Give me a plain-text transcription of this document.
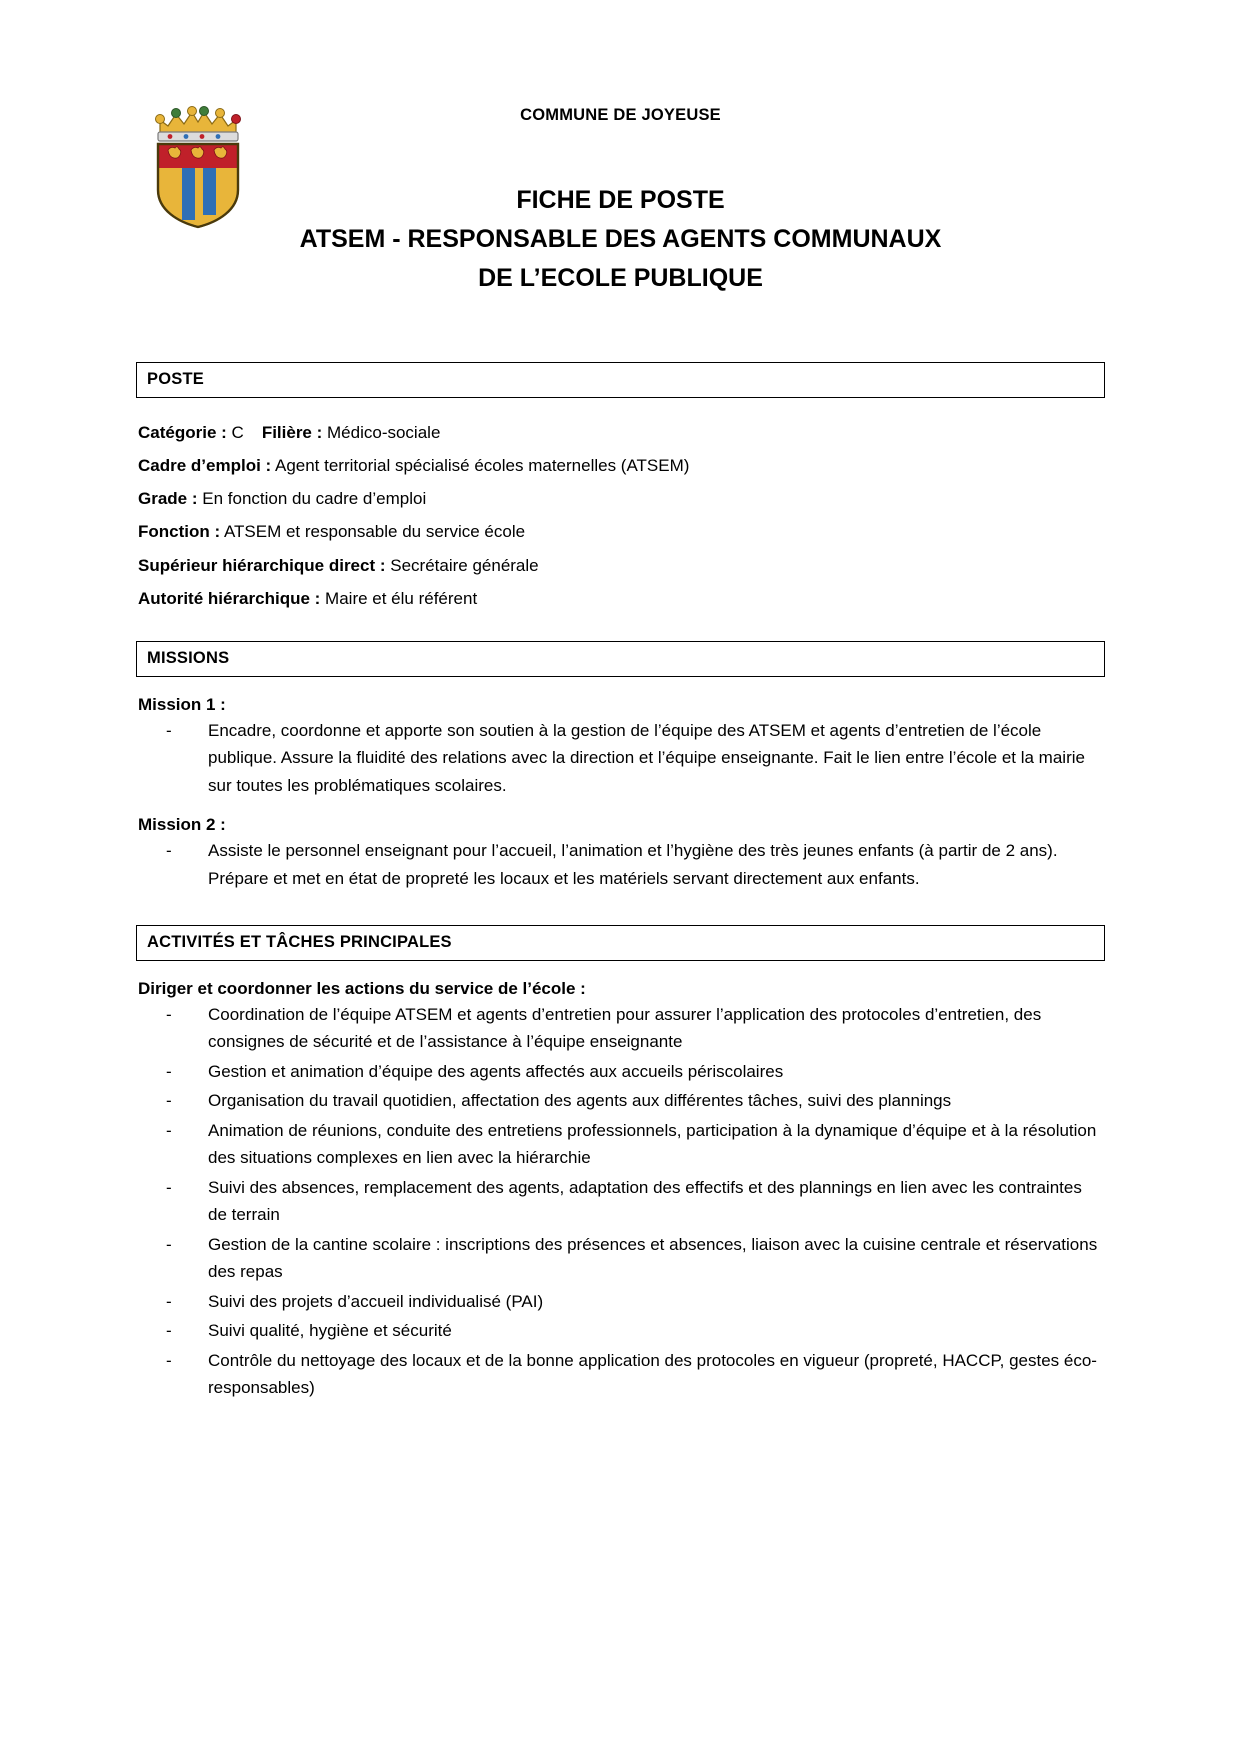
COMMUNE DE JOYEUSE
FICHE DE POSTE
ATSEM - RESPONSABLE DES AGENTS COMMUNAUX
DE L’ECOLE PUBLIQUE
POSTE

Catégorie : C Filière : Médico-sociale

Cadre d’emploi : Agent territorial spécialisé écoles maternelles (ATSEM)

Grade : En fonction du cadre d’emploi

Fonction : ATSEM et responsable du service école

Supérieur hiérarchique direct : Secrétaire générale

Autorité hiérarchique : Maire et élu référent

MISSIONS
Mission 1 :
- Encadre, coordonne et apporte son soutien à la gestion de l’équipe des ATSEM et agents d’entretien de l’école publique. Assure la fluidité des relations avec la direction et l’équipe enseignante. Fait le lien entre l’école et la mairie sur toutes les problématiques scolaires.
Mission 2 :
- Assiste le personnel enseignant pour l’accueil, l’animation et l’hygiène des très jeunes enfants (à partir de 2 ans). Prépare et met en état de propreté les locaux et les matériels servant directement aux enfants.
ACTIVITÉS ET TÂCHES PRINCIPALES
Diriger et coordonner les actions du service de l’école :
- Coordination de l’équipe ATSEM et agents d’entretien pour assurer l’application des protocoles d’entretien, des consignes de sécurité et de l’assistance à l’équipe enseignante
- Gestion et animation d’équipe des agents affectés aux accueils périscolaires
- Organisation du travail quotidien, affectation des agents aux différentes tâches, suivi des plannings
- Animation de réunions, conduite des entretiens professionnels, participation à la dynamique d’équipe et à la résolution des situations complexes en lien avec la hiérarchie
- Suivi des absences, remplacement des agents, adaptation des effectifs et des plannings en lien avec les contraintes de terrain
- Gestion de la cantine scolaire : inscriptions des présences et absences, liaison avec la cuisine centrale et réservations des repas
- Suivi des projets d’accueil individualisé (PAI)
- Suivi qualité, hygiène et sécurité
- Contrôle du nettoyage des locaux et de la bonne application des protocoles en vigueur (propreté, HACCP, gestes éco-responsables)
